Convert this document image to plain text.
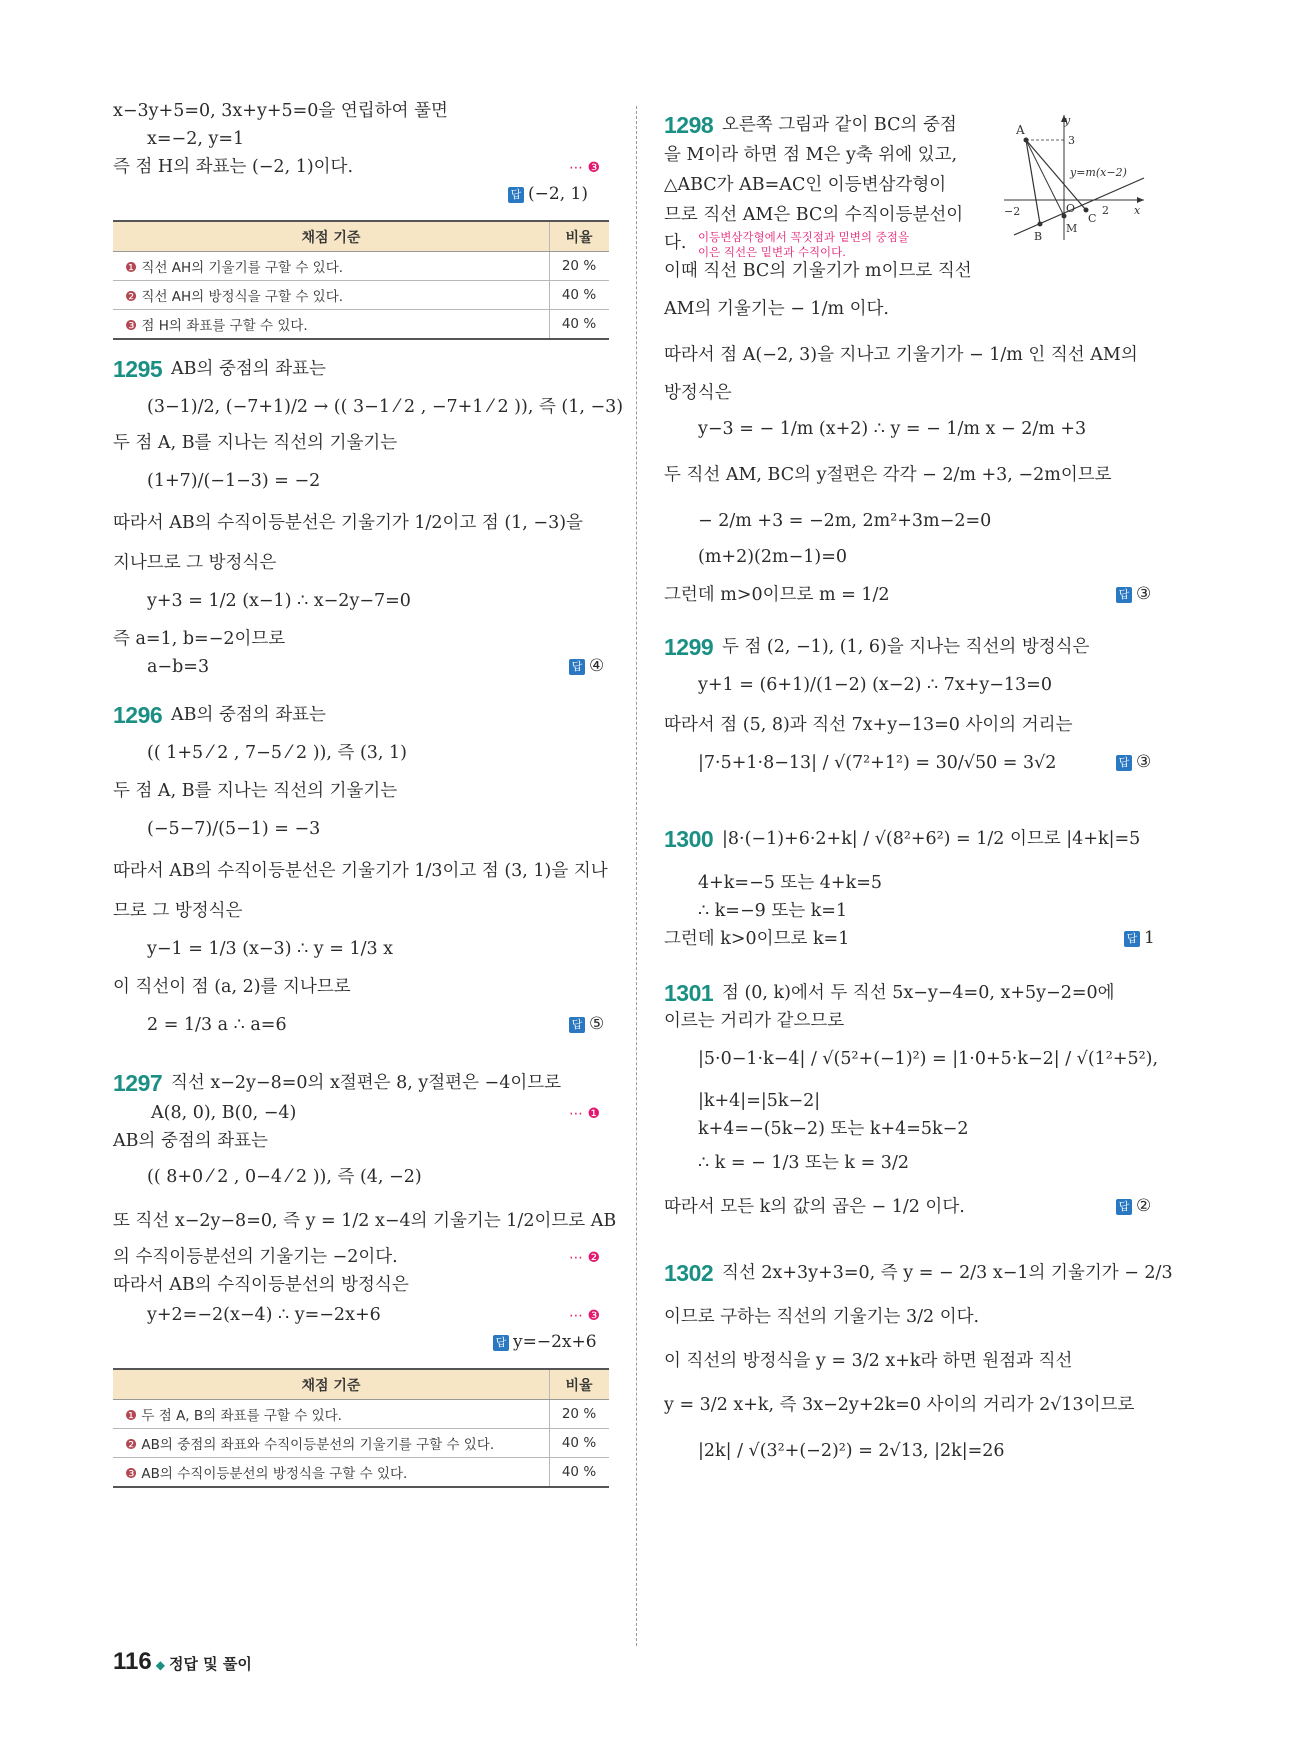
x−3y+5=0, 3x+y+5=0을 연립하여 풀면
x=−2, y=1
즉 점 H의 좌표는 (−2, 1)이다.	⋯ ❸
답 (−2, 1)
채점 기준	비율
❶ 직선 AH의 기울기를 구할 수 있다.	20 %
❷ 직선 AH의 방정식을 구할 수 있다.	40 %
❸ 점 H의 좌표를 구할 수 있다.	40 %
1295 AB의 중점의 좌표는
(3−1)/2, (−7+1)/2 → (( 3−1 ⁄ 2 , −7+1 ⁄ 2 )), 즉 (1, −3)
두 점 A, B를 지나는 직선의 기울기는
(1+7)/(−1−3) = −2
따라서 AB의 수직이등분선은 기울기가 1/2이고 점 (1, −3)을
지나므로 그 방정식은
y+3 = 1/2 (x−1) ∴ x−2y−7=0
즉 a=1, b=−2이므로
a−b=3	답 ④
1296 AB의 중점의 좌표는
(( 1+5 ⁄ 2 , 7−5 ⁄ 2 )), 즉 (3, 1)
두 점 A, B를 지나는 직선의 기울기는
(−5−7)/(5−1) = −3
따라서 AB의 수직이등분선은 기울기가 1/3이고 점 (3, 1)을 지나
므로 그 방정식은
y−1 = 1/3 (x−3) ∴ y = 1/3 x
이 직선이 점 (a, 2)를 지나므로
2 = 1/3 a ∴ a=6	답 ⑤
1297 직선 x−2y−8=0의 x절편은 8, y절편은 −4이므로
A(8, 0), B(0, −4)	⋯ ❶
AB의 중점의 좌표는
(( 8+0 ⁄ 2 , 0−4 ⁄ 2 )), 즉 (4, −2)
또 직선 x−2y−8=0, 즉 y = 1/2 x−4의 기울기는 1/2이므로 AB
의 수직이등분선의 기울기는 −2이다.	⋯ ❷
따라서 AB의 수직이등분선의 방정식은
y+2=−2(x−4) ∴ y=−2x+6	⋯ ❸
답 y=−2x+6
채점 기준	비율
❶ 두 점 A, B의 좌표를 구할 수 있다.	20 %
❷ AB의 중점의 좌표와 수직이등분선의 기울기를 구할 수 있다.	40 %
❸ AB의 수직이등분선의 방정식을 구할 수 있다.	40 %
1298 오른쪽 그림과 같이 BC의 중점
을 M이라 하면 점 M은 y축 위에 있고,
△ABC가 AB=AC인 이등변삼각형이
므로 직선 AM은 BC의 수직이등분선이
다. 이등변삼각형에서 꼭짓점과 밑변의 중점을
이은 직선은 밑변과 수직이다.
y
A
3
y=m(x−2)
−2	O 2 x
C
M
B
이때 직선 BC의 기울기가 m이므로 직선
AM의 기울기는 − 1/m 이다.
따라서 점 A(−2, 3)을 지나고 기울기가 − 1/m 인 직선 AM의
방정식은
y−3 = − 1/m (x+2) ∴ y = − 1/m x − 2/m +3
두 직선 AM, BC의 y절편은 각각 − 2/m +3, −2m이므로
− 2/m +3 = −2m, 2m²+3m−2=0
(m+2)(2m−1)=0
그런데 m>0이므로 m = 1/2	답 ③
1299 두 점 (2, −1), (1, 6)을 지나는 직선의 방정식은
y+1 = (6+1)/(1−2) (x−2) ∴ 7x+y−13=0
따라서 점 (5, 8)과 직선 7x+y−13=0 사이의 거리는
|7·5+1·8−13| / √(7²+1²) = 30/√50 = 3√2	답 ③
1300 |8·(−1)+6·2+k| / √(8²+6²) = 1/2 이므로 |4+k|=5
4+k=−5 또는 4+k=5
∴ k=−9 또는 k=1
그런데 k>0이므로 k=1	답 1
1301 점 (0, k)에서 두 직선 5x−y−4=0, x+5y−2=0에
이르는 거리가 같으므로
|5·0−1·k−4| / √(5²+(−1)²) = |1·0+5·k−2| / √(1²+5²),
|k+4|=|5k−2|
k+4=−(5k−2) 또는 k+4=5k−2
∴ k = − 1/3 또는 k = 3/2
따라서 모든 k의 값의 곱은 − 1/2 이다.	답 ②
1302 직선 2x+3y+3=0, 즉 y = − 2/3 x−1의 기울기가 − 2/3
이므로 구하는 직선의 기울기는 3/2 이다.
이 직선의 방정식을 y = 3/2 x+k라 하면 원점과 직선
y = 3/2 x+k, 즉 3x−2y+2k=0 사이의 거리가 2√13이므로
|2k| / √(3²+(−2)²) = 2√13, |2k|=26
116 ◆ 정답 및 풀이
